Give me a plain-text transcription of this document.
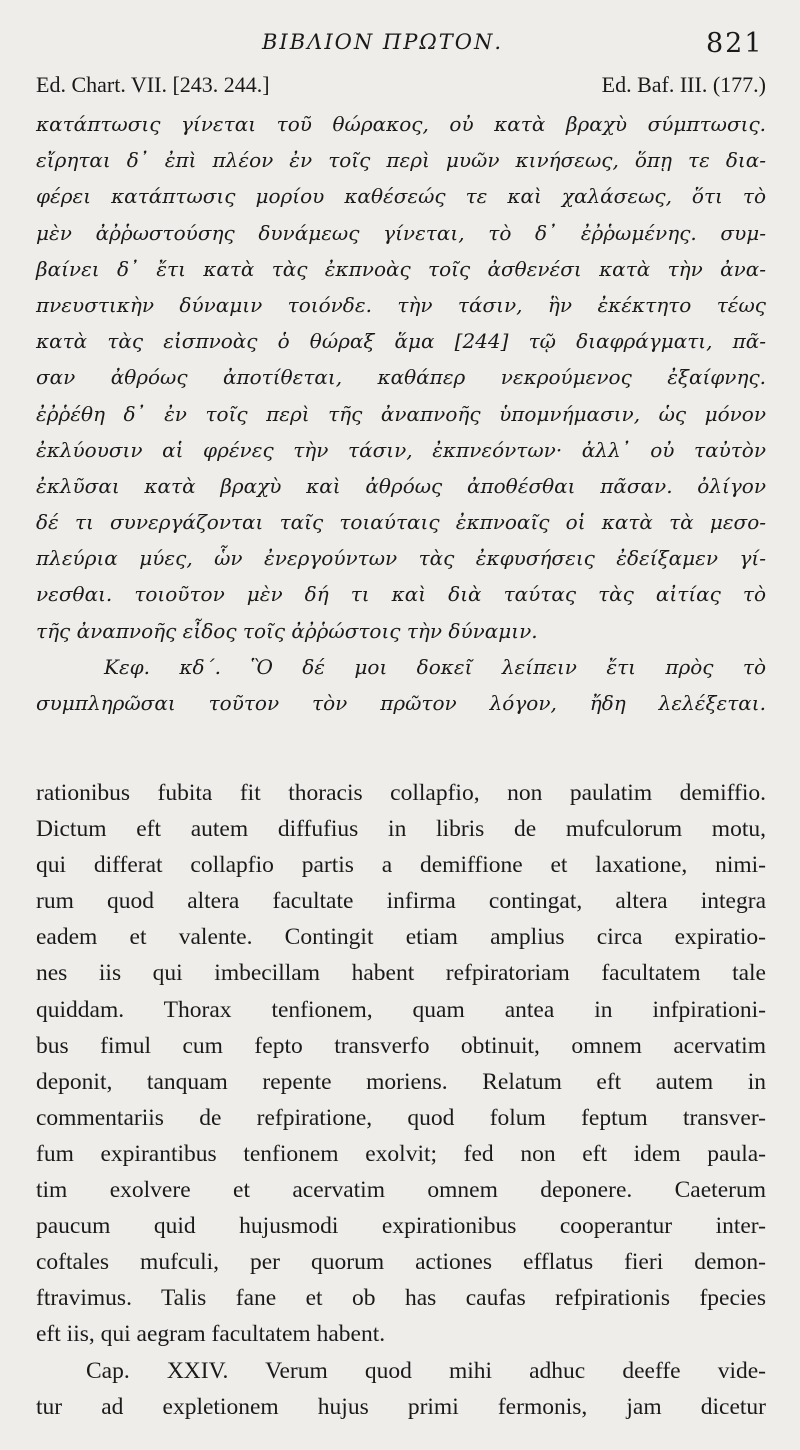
ΒΙΒΛΙΟΝ ΠΡΩΤΟΝ.	821
Ed. Chart. VII. [243. 244.]	Ed. Baf. III. (177.)
κατάπτωσις γίνεται τοῦ θώρακος, οὐ κατὰ βραχὺ σύμπτωσις.
εἴρηται δ᾽ ἐπὶ πλέον ἐν τοῖς περὶ μυῶν κινήσεως, ὅπῃ τε δια-
φέρει κατάπτωσις μορίου καθέσεώς τε καὶ χαλάσεως, ὅτι τὸ
μὲν ἀῤῥωστούσης δυνάμεως γίνεται, τὸ δ᾽ ἐῤῥωμένης. συμ-
βαίνει δ᾽ ἔτι κατὰ τὰς ἐκπνοὰς τοῖς ἀσθενέσι κατὰ τὴν ἀνα-
πνευστικὴν δύναμιν τοιόνδε. τὴν τάσιν, ἣν ἐκέκτητο τέως
κατὰ τὰς εἰσπνοὰς ὁ θώραξ ἅμα [244] τῷ διαφράγματι, πᾶ-
σαν ἀθρόως ἀποτίθεται, καθάπερ νεκρούμενος ἐξαίφνης.
ἐῤῥέθη δ᾽ ἐν τοῖς περὶ τῆς ἀναπνοῆς ὑπομνήμασιν, ὡς μόνον
ἐκλύουσιν αἱ φρένες τὴν τάσιν, ἐκπνεόντων· ἀλλ᾽ οὐ ταὐτὸν
ἐκλῦσαι κατὰ βραχὺ καὶ ἀθρόως ἀποθέσθαι πᾶσαν. ὀλίγον
δέ τι συνεργάζονται ταῖς τοιαύταις ἐκπνοαῖς οἱ κατὰ τὰ μεσο-
πλεύρια μύες, ὧν ἐνεργούντων τὰς ἐκφυσήσεις ἐδείξαμεν γί-
νεσθαι. τοιοῦτον μὲν δή τι καὶ διὰ ταύτας τὰς αἰτίας τὸ
τῆς ἀναπνοῆς εἶδος τοῖς ἀῤῥώστοις τὴν δύναμιν.
Κεφ. κδ΄. Ὃ δέ μοι δοκεῖ λείπειν ἔτι πρὸς τὸ
συμπληρῶσαι τοῦτον τὸν πρῶτον λόγον, ἤδη λελέξεται.
rationibus fubita fit thoracis collapfio, non paulatim demiffio.
Dictum eft autem diffufius in libris de mufculorum motu,
qui differat collapfio partis a demiffione et laxatione, nimi-
rum quod altera facultate infirma contingat, altera integra
eadem et valente. Contingit etiam amplius circa expiratio-
nes iis qui imbecillam habent refpiratoriam facultatem tale
quiddam. Thorax tenfionem, quam antea in infpirationi-
bus fimul cum fepto transverfo obtinuit, omnem acervatim
deponit, tanquam repente moriens. Relatum eft autem in
commentariis de refpiratione, quod folum feptum transver-
fum expirantibus tenfionem exolvit; fed non eft idem paula-
tim exolvere et acervatim omnem deponere. Caeterum
paucum quid hujusmodi expirationibus cooperantur inter-
coftales mufculi, per quorum actiones efflatus fieri demon-
ftravimus. Talis fane et ob has caufas refpirationis fpecies
eft iis, qui aegram facultatem habent.
Cap. XXIV. Verum quod mihi adhuc deeffe vide-
tur ad expletionem hujus primi fermonis, jam dicetur
